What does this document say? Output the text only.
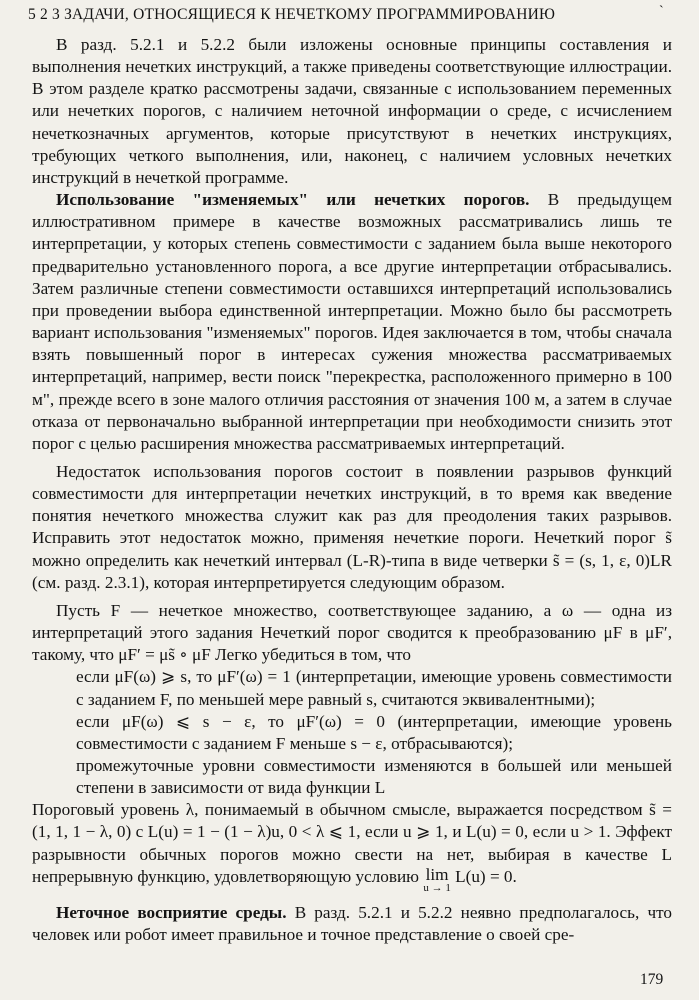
5 2 3 ЗАДАЧИ, ОТНОСЯЩИЕСЯ К НЕЧЕТКОМУ ПРОГРАММИРОВАНИЮ	`

В разд. 5.2.1 и 5.2.2 были изложены основные принципы составления и выполнения нечетких инструкций, а также приведены соответствующие иллюстрации. В этом разделе кратко рассмотрены задачи, связанные с использованием переменных или нечетких порогов, с наличием неточной информации о среде, с исчислением нечеткозначных аргументов, которые присутствуют в нечетких инструкциях, требующих четкого выполнения, или, наконец, с наличием условных нечетких инструкций в нечеткой программе.

Использование "изменяемых" или нечетких порогов. В предыдущем иллюстративном примере в качестве возможных рассматривались лишь те интерпретации, у которых степень совместимости с заданием была выше некоторого предварительно установленного порога, а все другие интерпретации отбрасывались. Затем различные степени совместимости оставшихся интерпретаций использовались при проведении выбора единственной интерпретации. Можно было бы рассмотреть вариант использования "изменяемых" порогов. Идея заключается в том, чтобы сначала взять повышенный порог в интересах сужения множества рассматриваемых интерпретаций, например, вести поиск "перекрестка, расположенного примерно в 100 м", прежде всего в зоне малого отличия расстояния от значения 100 м, а затем в случае отказа от первоначально выбранной интерпретации при необходимости снизить этот порог с целью расширения множества рассматриваемых интерпретаций.

Недостаток использования порогов состоит в появлении разрывов функций совместимости для интерпретации нечетких инструкций, в то время как введение понятия нечеткого множества служит как раз для преодоления таких разрывов. Исправить этот недостаток можно, применяя нечеткие пороги. Нечеткий порог s̃ можно определить как нечеткий интервал (L-R)-типа в виде четверки s̃ = (s, 1, ε, 0)LR (см. разд. 2.3.1), которая интерпретируется следующим образом.

Пусть F — нечеткое множество, соответствующее заданию, а ω — одна из интерпретаций этого задания Нечеткий порог сводится к преобразованию μF в μF′, такому, что μF′ = μs̃ ∘ μF Легко убедиться в том, что

если μF(ω) ⩾ s, то μF′(ω) = 1 (интерпретации, имеющие уровень совместимости с заданием F, по меньшей мере равный s, считаются эквивалентными);

если μF(ω) ⩽ s − ε, то μF′(ω) = 0 (интерпретации, имеющие уровень совместимости с заданием F меньше s − ε, отбрасываются);

промежуточные уровни совместимости изменяются в большей или меньшей степени в зависимости от вида функции L

Пороговый уровень λ, понимаемый в обычном смысле, выражается посредством s̃ = (1, 1, 1 − λ, 0) с L(u) = 1 − (1 − λ)u, 0 < λ ⩽ 1, если u ⩾ 1, и L(u) = 0, если u > 1. Эффект разрывности обычных порогов можно свести на нет, выбирая в качестве L непрерывную функцию, удовлетворяющую условию lim
u → 1
L(u) = 0.

Неточное восприятие среды. В разд. 5.2.1 и 5.2.2 неявно предполагалось, что человек или робот имеет правильное и точное представление о своей сре-

179
